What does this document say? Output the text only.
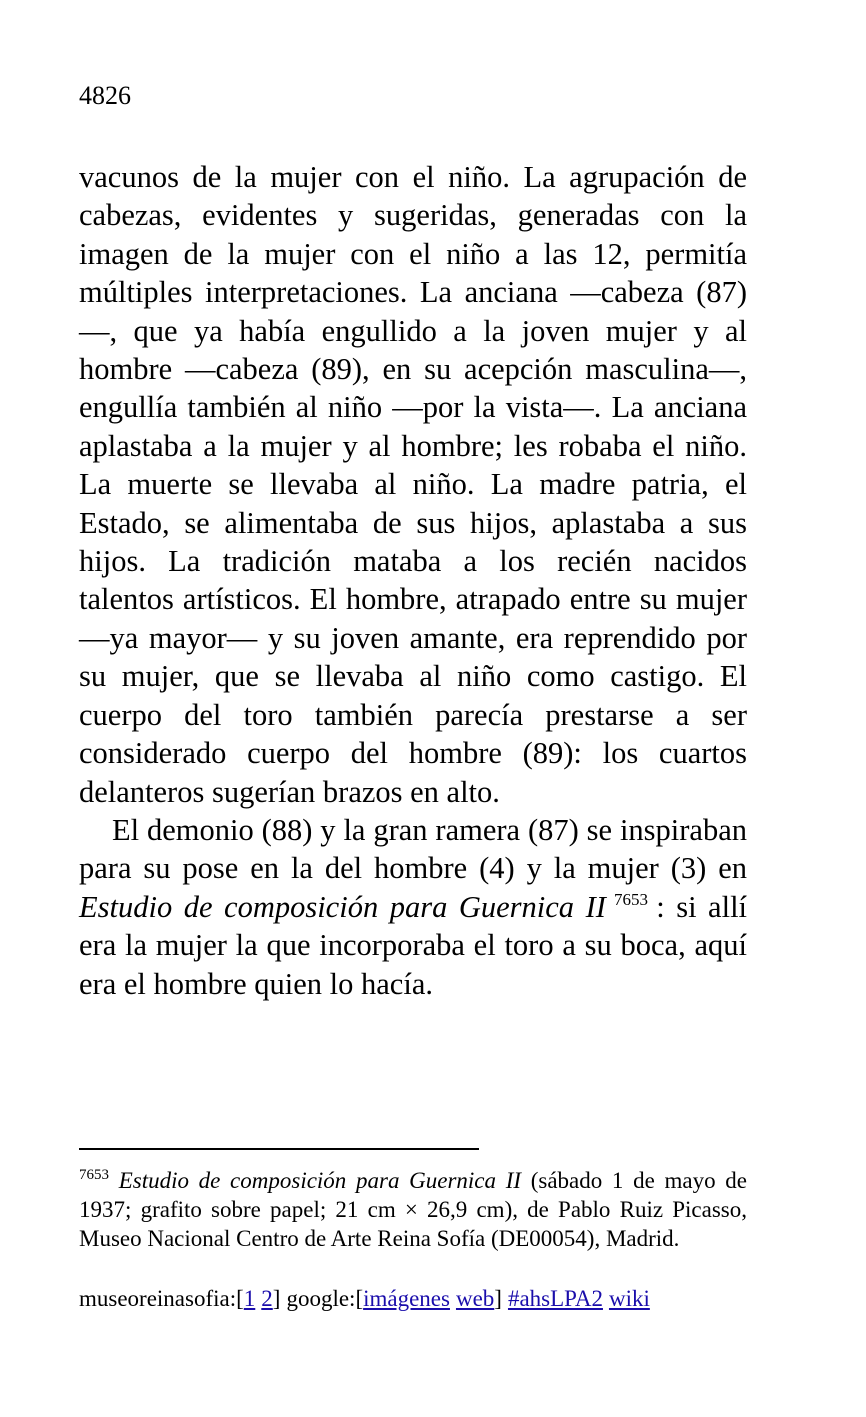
4826

vacunos de la mujer con el niño. La agrupación de cabezas, evidentes y sugeridas, generadas con la imagen de la mujer con el niño a las 12, permitía múltiples interpretaciones. La anciana —cabeza (87)—, que ya había engullido a la joven mujer y al hombre —cabeza (89), en su acepción masculina—, engullía también al niño —por la vista—. La anciana aplastaba a la mujer y al hombre; les robaba el niño. La muerte se llevaba al niño. La madre patria, el Estado, se alimentaba de sus hijos, aplastaba a sus hijos. La tradición mataba a los recién nacidos talentos artísticos. El hombre, atrapado entre su mujer —ya mayor— y su joven amante, era reprendido por su mujer, que se llevaba al niño como castigo. El cuerpo del toro también parecía prestarse a ser considerado cuerpo del hombre (89): los cuartos delanteros sugerían brazos en alto.

El demonio (88) y la gran ramera (87) se inspiraban para su pose en la del hombre (4) y la mujer (3) en Estudio de composición para Guernica II $^{7653}$ : si allí era la mujer la que incorporaba el toro a su boca, aquí era el hombre quien lo hacía.

$^{7653}$ Estudio de composición para Guernica II (sábado 1 de mayo de 1937; grafito sobre papel; 21 cm × 26,9 cm), de Pablo Ruiz Picasso, Museo Nacional Centro de Arte Reina Sofía (DE00054), Madrid.

museoreinasofia:[1 2] google:[imágenes web] #ahsLPA2 wiki
